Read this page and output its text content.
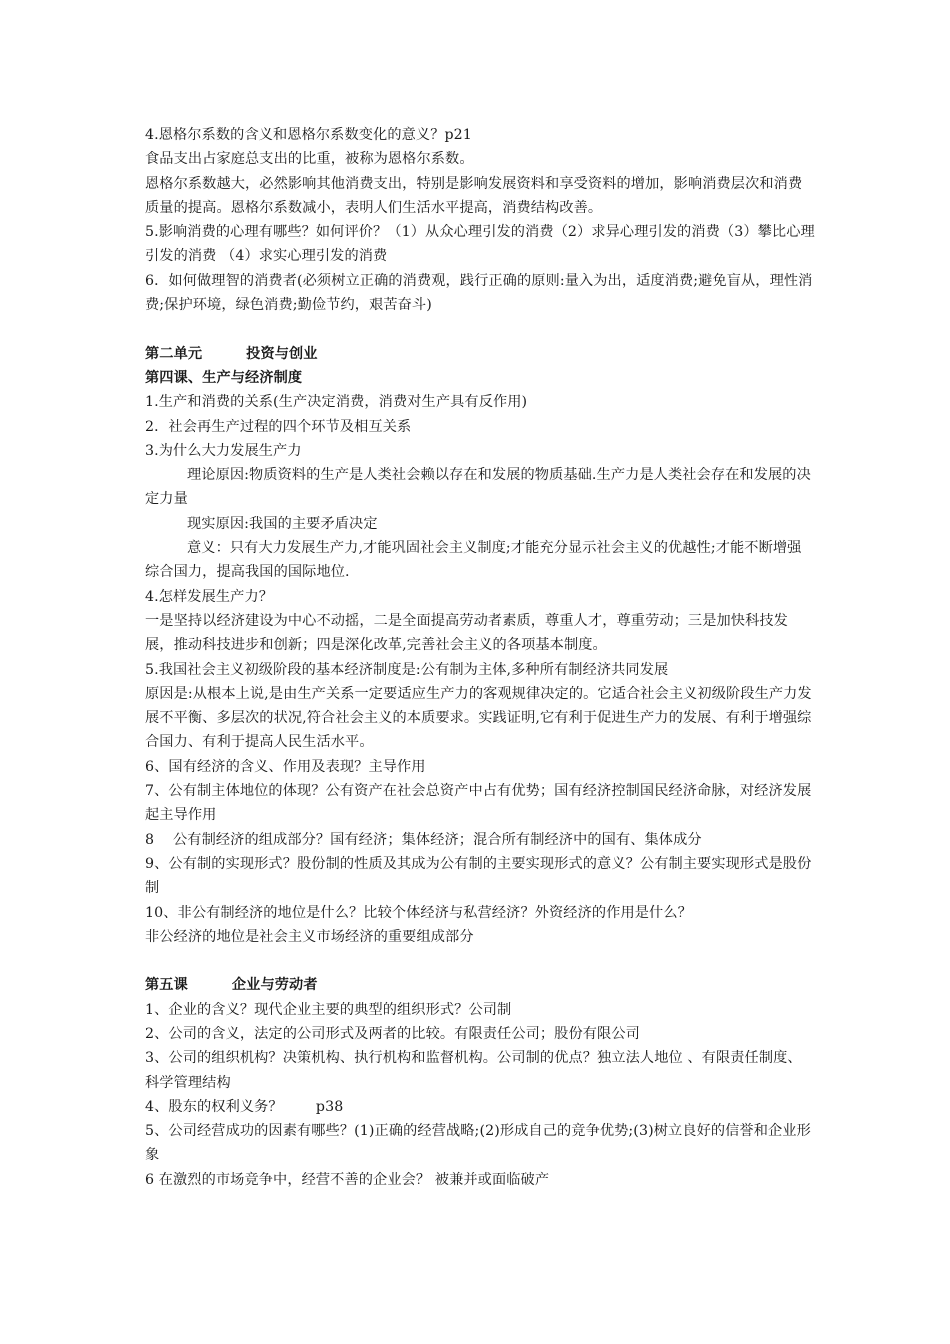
4.恩格尔系数的含义和恩格尔系数变化的意义？p21

食品支出占家庭总支出的比重，被称为恩格尔系数。

恩格尔系数越大，必然影响其他消费支出，特别是影响发展资料和享受资料的增加，影响消费层次和消费质量的提高。恩格尔系数减小，表明人们生活水平提高，消费结构改善。

5.影响消费的心理有哪些？如何评价？（1）从众心理引发的消费（2）求异心理引发的消费（3）攀比心理引发的消费 （4）求实心理引发的消费

6．如何做理智的消费者(必须树立正确的消费观，践行正确的原则:量入为出，适度消费;避免盲从，理性消费;保护环境，绿色消费;勤俭节约，艰苦奋斗)

第二单元	投资与创业

第四课、生产与经济制度

1.生产和消费的关系(生产决定消费，消费对生产具有反作用)

2．社会再生产过程的四个环节及相互关系

3.为什么大力发展生产力

理论原因:物质资料的生产是人类社会赖以存在和发展的物质基础.生产力是人类社会存在和发展的决定力量

现实原因:我国的主要矛盾决定

意义：只有大力发展生产力,才能巩固社会主义制度;才能充分显示社会主义的优越性;才能不断增强综合国力，提高我国的国际地位.

4.怎样发展生产力？

一是坚持以经济建设为中心不动摇，二是全面提高劳动者素质，尊重人才，尊重劳动；三是加快科技发展，推动科技进步和创新；四是深化改革,完善社会主义的各项基本制度。

5.我国社会主义初级阶段的基本经济制度是:公有制为主体,多种所有制经济共同发展

原因是:从根本上说,是由生产关系一定要适应生产力的客观规律决定的。它适合社会主义初级阶段生产力发展不平衡、多层次的状况,符合社会主义的本质要求。实践证明,它有利于促进生产力的发展、有利于增强综合国力、有利于提高人民生活水平。

6、国有经济的含义、作用及表现？主导作用

7、公有制主体地位的体现？公有资产在社会总资产中占有优势；国有经济控制国民经济命脉，对经济发展起主导作用

8　 公有制经济的组成部分？国有经济；集体经济；混合所有制经济中的国有、集体成分

9、公有制的实现形式？股份制的性质及其成为公有制的主要实现形式的意义？公有制主要实现形式是股份制

10、非公有制经济的地位是什么？比较个体经济与私营经济？外资经济的作用是什么？

非公经济的地位是社会主义市场经济的重要组成部分

第五课	企业与劳动者

1、企业的含义？现代企业主要的典型的组织形式？公司制

2、公司的含义，法定的公司形式及两者的比较。有限责任公司；股份有限公司

3、公司的组织机构？决策机构、执行机构和监督机构。公司制的优点？独立法人地位 、有限责任制度、科学管理结构

4、股东的权利义务？ 　　p38

5、公司经营成功的因素有哪些？(1)正确的经营战略;(2)形成自己的竞争优势;(3)树立良好的信誉和企业形象

6 在激烈的市场竞争中，经营不善的企业会？ 被兼并或面临破产
